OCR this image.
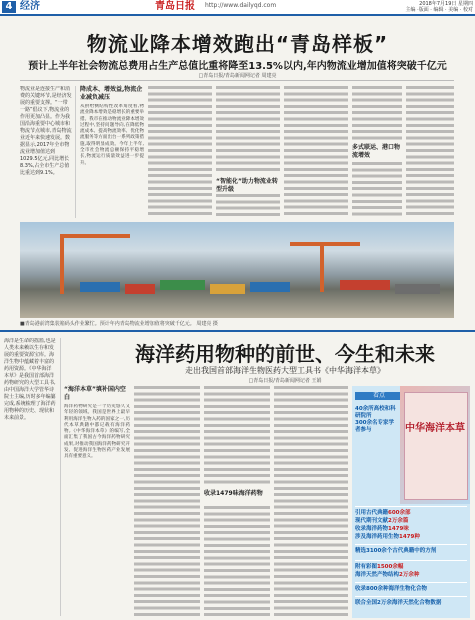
4 经济	青岛日报 http://www.dailyqd.com	2018年7月19日 星期四
主编 ·版面 · 编辑 · 美编 · 校对
物流业降本增效跑出“青岛样板”
预计上半年社会物流总费用占生产总值比重将降至13.5%以内,年内物流业增加值将突破千亿元
□青岛日报/青岛新闻网记者 周建亮
物流业是连接生产和消费的关键环节,是经济发展的重要支撑。“一带一路”倡议下,物流业的作用更加凸显。作为我国沿海重要中心城市和物流节点城市,青岛物流业近年来快速发展。数据显示,2017年全市物流业增加值达到1029.5亿元,同比增长8.3%,占全市生产总值比重达到9.1%。
降成本、增效益,物流企业减负减压
从供给侧结构性改革角度看,物流业降本增效是稳增长的重要举措。我市在推动物流业降本增效过程中,坚持问题导向,在降低物流成本、提高物流效率、优化物流服务等方面出台一系列政策措施,取得明显成效。今年上半年,全市社会物流总额保持平稳增长,物流运行质量效益进一步提升。
“智能化”助力物流业转型升级
多式联运、港口物流增效
■青岛港前湾集装箱码头作业繁忙。预计年内青岛物流业增加值将突破千亿元。 周建亮 摄
海洋是生命的摇篮,也是人类未来赖以生存和发展的重要资源宝库。海洋生物中蕴藏着丰富的药用资源。《中华海洋本草》是我国首部海洋药物研究的大型工具书,由中国海洋大学管华诗院士主编,历时多年编纂完成,系统梳理了海洋药用物种的历史、现状和未来前景。
海洋药用物种的前世、今生和未来
走出我国首部海洋生物医药大型工具书《中华海洋本草》
□青岛日报/青岛新闻网记者 王娟
“海洋本草”填补国内空白
海洋药物研究是一个历史悠久又年轻的领域。我国是世界上最早利用海洋生物入药的国家之一,历代本草典籍中都记载有海洋药物。《中华海洋本草》的编写,全面汇集了我国古今海洋药物研究成果,对推动我国海洋药物研究开发、促进海洋生物医药产业发展具有重要意义。
收录1479味海洋药物
看点
中华海洋本草
40余所高校和科研院所
300余名专家学者参与
引用古代典籍600余部
现代期刊文献2万余篇
收录海洋药物1479味
涉及海洋药用生物1479种
精选3100余个古代典籍中的方剂
附有彩图1500余幅
海洋天然产物结构2万余种
收录800余种海洋生物化合物
联合全国2万余海洋天然化合物数据
